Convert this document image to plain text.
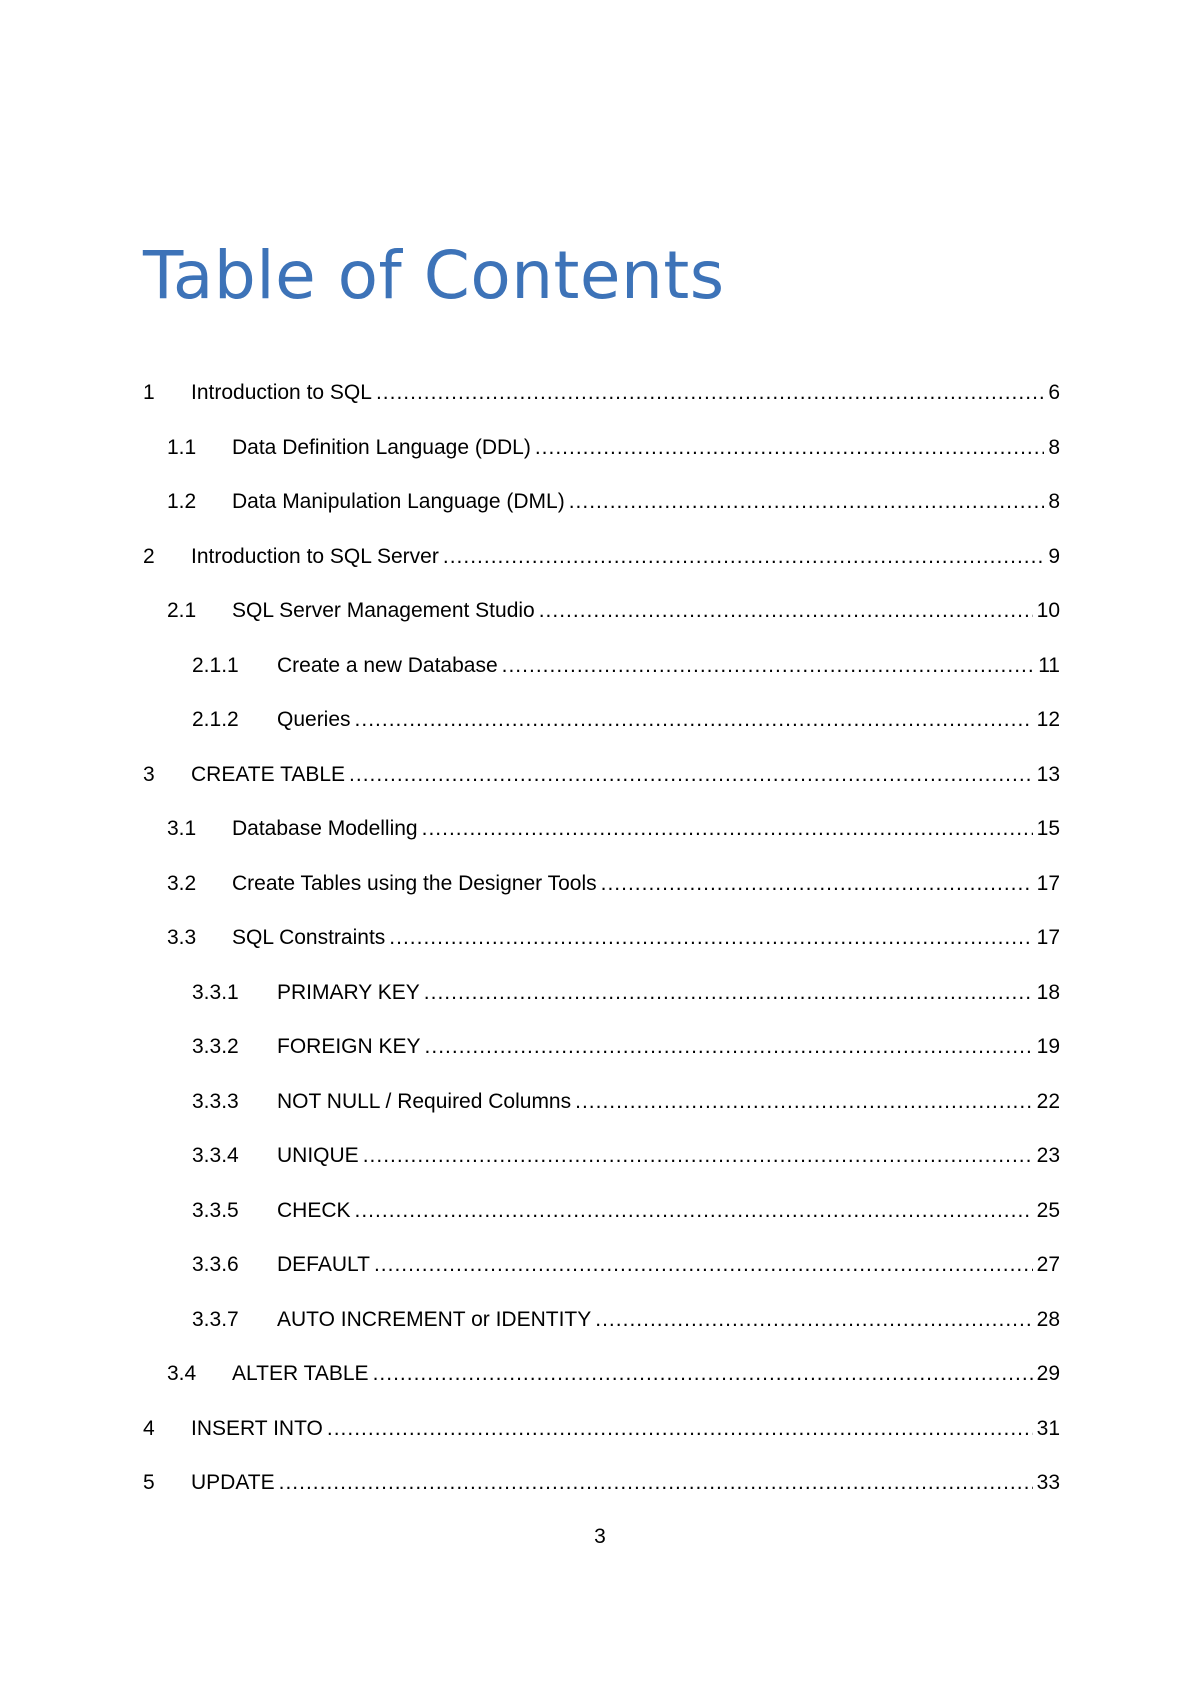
Table of Contents
1 Introduction to SQL .....	6
1.1 Data Definition Language (DDL) .....	8
1.2 Data Manipulation Language (DML) .....	8
2 Introduction to SQL Server .....	9
2.1 SQL Server Management Studio .....	10
2.1.1 Create a new Database .....	11
2.1.2 Queries .....	12
3 CREATE TABLE .....	13
3.1 Database Modelling .....	15
3.2 Create Tables using the Designer Tools .....	17
3.3 SQL Constraints .....	17
3.3.1 PRIMARY KEY .....	18
3.3.2 FOREIGN KEY .....	19
3.3.3 NOT NULL / Required Columns .....	22
3.3.4 UNIQUE .....	23
3.3.5 CHECK .....	25
3.3.6 DEFAULT .....	27
3.3.7 AUTO INCREMENT or IDENTITY .....	28
3.4 ALTER TABLE .....	29
4 INSERT INTO .....	31
5 UPDATE .....	33
3
